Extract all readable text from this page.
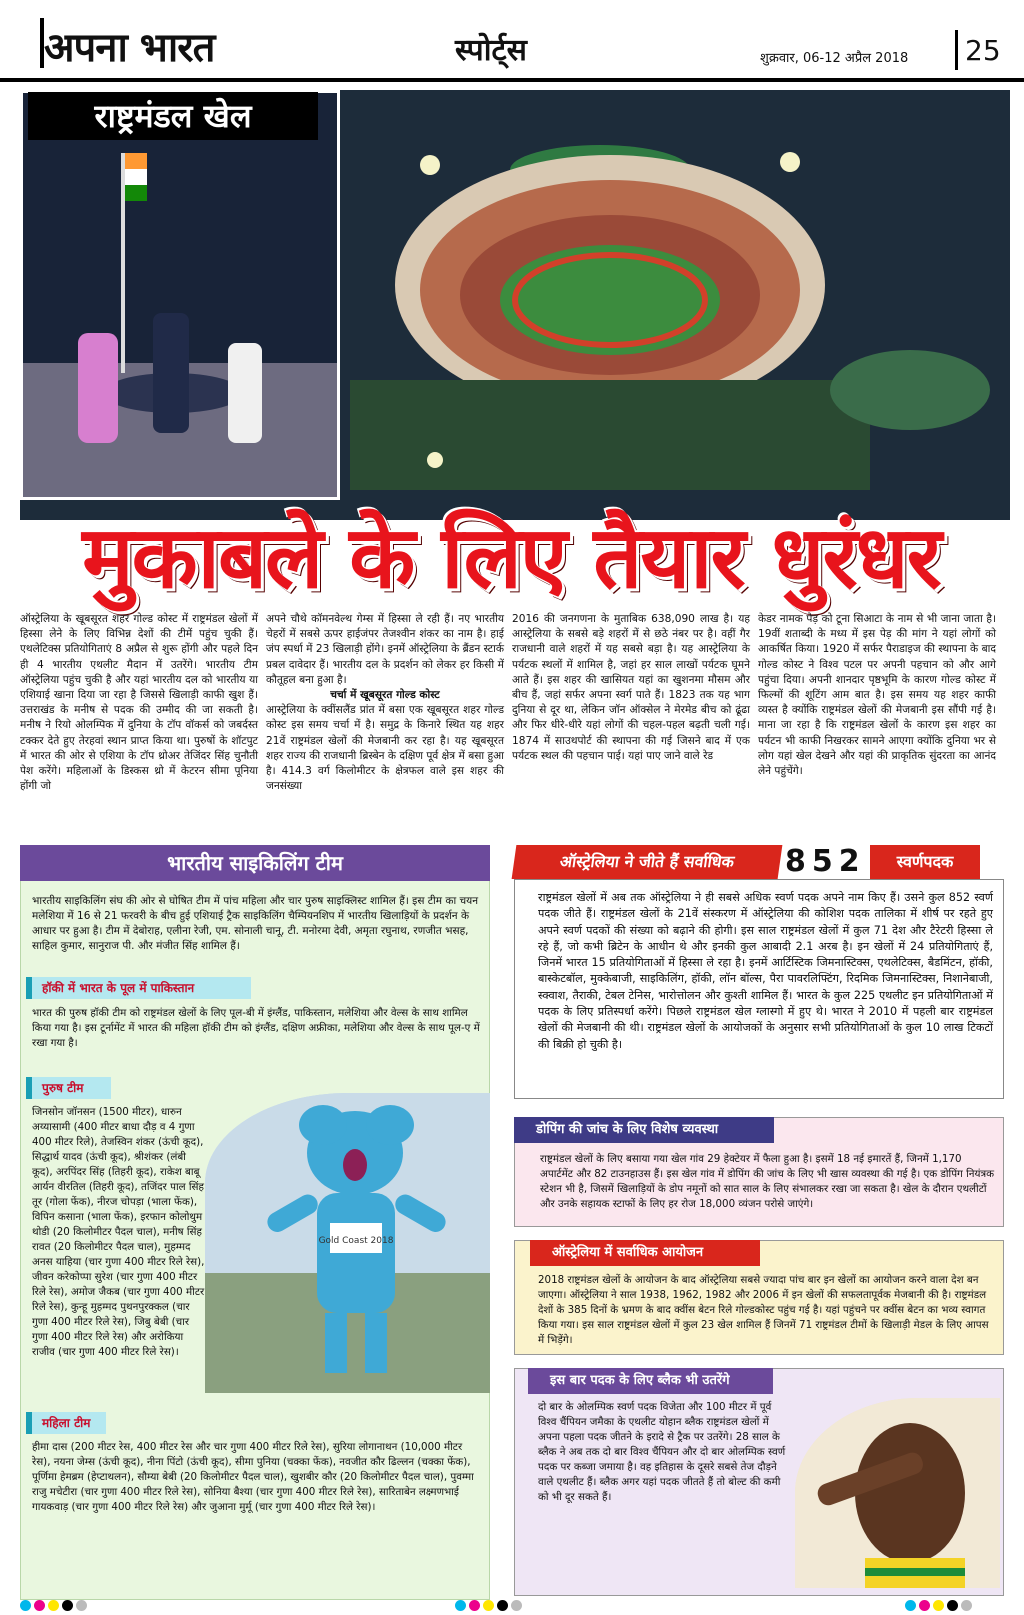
अपना भारत	स्पोर्ट्स	शुक्रवार, 06-12 अप्रैल 2018 25
राष्ट्रमंडल खेल
मुकाबले के लिए तैयार धुरंधर
ऑस्ट्रेलिया के खूबसूरत शहर गोल्ड कोस्ट में राष्ट्रमंडल खेलों में हिस्सा लेने के लिए विभिन्न देशों की टीमें पहुंच चुकी हैं। एथलेटिक्स प्रतियोगिताएं 8 अप्रैल से शुरू होंगी और पहले दिन ही 4 भारतीय एथलीट मैदान में उतरेंगे। भारतीय टीम ऑस्ट्रेलिया पहुंच चुकी है और यहां भारतीय दल को भारतीय या एशियाई खाना दिया जा रहा है जिससे खिलाड़ी काफी खुश हैं। उत्तराखंड के मनीष से पदक की उम्मीद की जा सकती है। मनीष ने रियो ओलम्पिक में दुनिया के टॉप वॉकर्स को जबर्दस्त टक्कर देते हुए तेरहवां स्थान प्राप्त किया था। पुरुषों के शॉटपुट में भारत की ओर से एशिया के टॉप थ्रोअर तेजिंदर सिंह चुनौती पेश करेंगे। महिलाओं के डिस्कस थ्रो में केटरन सीमा पूनिया होंगी जो
अपने चौथे कॉमनवेल्थ गेम्स में हिस्सा ले रही हैं। नए भारतीय चेहरों में सबसे ऊपर हाईजंपर तेजश्वीन शंकर का नाम है। हाई जंप स्पर्धा में 23 खिलाड़ी होंगे। इनमें ऑस्ट्रेलिया के ब्रैंडन स्टार्क प्रबल दावेदार हैं। भारतीय दल के प्रदर्शन को लेकर हर किसी में कौतूहल बना हुआ है।
चर्चा में खूबसूरत गोल्ड कोस्ट
आस्ट्रेलिया के क्वींसलैंड प्रांत में बसा एक खूबसूरत शहर गोल्ड कोस्ट इस समय चर्चा में है। समुद्र के किनारे स्थित यह शहर 21वें राष्ट्रमंडल खेलों की मेजबानी कर रहा है। यह खूबसूरत शहर राज्य की राजधानी ब्रिस्बेन के दक्षिण पूर्व क्षेत्र में बसा हुआ है। 414.3 वर्ग किलोमीटर के क्षेत्रफल वाले इस शहर की जनसंख्या
2016 की जनगणना के मुताबिक 638,090 लाख है। यह आस्ट्रेलिया के सबसे बड़े शहरों में से छठे नंबर पर है। वहीं गैर राजधानी वाले शहरों में यह सबसे बड़ा है। यह आस्ट्रेलिया के पर्यटक स्थलों में शामिल है, जहां हर साल लाखों पर्यटक घूमने आते हैं। इस शहर की खासियत यहां का खुशनमा मौसम और बीच हैं, जहां सर्फर अपना स्वर्ग पाते हैं। 1823 तक यह भाग दुनिया से दूर था, लेकिन जॉन ऑक्सेल ने मेरमेड बीच को ढूंढा और फिर धीरे-धीरे यहां लोगों की चहल-पहल बढ़ती चली गई। 1874 में साउथपोर्ट की स्थापना की गई जिसने बाद में एक पर्यटक स्थल की पहचान पाई। यहां पाए जाने वाले रेड
केडर नामक पेड़ को टूना सिआटा के नाम से भी जाना जाता है। 19वीं शताब्दी के मध्य में इस पेड़ की मांग ने यहां लोगों को आकर्षित किया। 1920 में सर्फर पैराडाइज की स्थापना के बाद गोल्ड कोस्ट ने विश्व पटल पर अपनी पहचान को और आगे पहुंचा दिया। अपनी शानदार पृष्ठभूमि के कारण गोल्ड कोस्ट में फिल्मों की शूटिंग आम बात है। इस समय यह शहर काफी व्यस्त है क्योंकि राष्ट्रमंडल खेलों की मेजबानी इस सौंपी गई है। माना जा रहा है कि राष्ट्रमंडल खेलों के कारण इस शहर का पर्यटन भी काफी निखरकर सामने आएगा क्योंकि दुनिया भर से लोग यहां खेल देखने और यहां की प्राकृतिक सुंदरता का आनंद लेने पहुंचेंगे।
भारतीय साइकिलिंग टीम
भारतीय साइकिलिंग संघ की ओर से घोषित टीम में पांच महिला और चार पुरुष साइक्लिस्ट शामिल हैं। इस टीम का चयन मलेशिया में 16 से 21 फरवरी के बीच हुई एशियाई ट्रैक साइकिलिंग चैम्पियनशिप में भारतीय खिलाड़ियों के प्रदर्शन के आधार पर हुआ है। टीम में देबोराह, एलीना रेजी, एम. सोनाली चानू, टी. मनोरमा देवी, अमृता रघुनाथ, रणजीत भसह, साहिल कुमार, सानुराज पी. और मंजीत सिंह शामिल हैं।
हॉकी में भारत के पूल में पाकिस्तान
भारत की पुरुष हॉकी टीम को राष्ट्रमंडल खेलों के लिए पूल-बी में इंग्लैंड, पाकिस्तान, मलेशिया और वेल्स के साथ शामिल किया गया है। इस टूर्नामेंट में भारत की महिला हॉकी टीम को इंग्लैंड, दक्षिण अफ्रीका, मलेशिया और वेल्स के साथ पूल-ए में रखा गया है।
पुरुष टीम
जिनसोन जॉनसन (1500 मीटर), धारुन अय्यासामी (400 मीटर बाधा दौड़ व 4 गुणा 400 मीटर रिले), तेजस्विन शंकर (ऊंची कूद), सिद्धार्थ यादव (ऊंची कूद), श्रीशंकर (लंबी कूद), अरपिंदर सिंह (तिहरी कूद), राकेश बाबू आर्यन वीरतिल (तिहरी कूद), तजिंदर पाल सिंह तूर (गोला फेंक), नीरज चोपड़ा (भाला फेंक), विपिन कसाना (भाला फेंक), इरफान कोलोथुम थोडी (20 किलोमीटर पैदल चाल), मनीष सिंह रावत (20 किलोमीटर पैदल चाल), मुहम्मद अनस याहिया (चार गुणा 400 मीटर रिले रेस), जीवन करेकोप्पा सुरेश (चार गुणा 400 मीटर रिले रेस), अमोज जैकब (चार गुणा 400 मीटर रिले रेस), कुन्हू मुहम्मद पुथनपुरक्कल (चार गुणा 400 मीटर रिले रेस), जिबु बेबी (चार गुणा 400 मीटर रिले रेस) और अरोकिया राजीव (चार गुणा 400 मीटर रिले रेस)।
Gold Coast 2018
महिला टीम
हीमा दास (200 मीटर रेस, 400 मीटर रेस और चार गुणा 400 मीटर रिले रेस), सुरिया लोगानाथन (10,000 मीटर रेस), नयना जेम्स (ऊंची कूद), नीना पिंटो (ऊंची कूद), सीमा पुनिया (चक्का फेंक), नवजीत कौर ढिल्लन (चक्का फेंक), पूर्णिमा हेमब्रम (हेप्टाथलन), सौम्या बेबी (20 किलोमीटर पैदल चाल), खुशबीर कौर (20 किलोमीटर पैदल चाल), पुवम्मा राजु मचेटीरा (चार गुणा 400 मीटर रिले रेस), सोनिया बैश्या (चार गुणा 400 मीटर रिले रेस), सारिताबेन लक्ष्मणभाई गायकवाड़ (चार गुणा 400 मीटर रिले रेस) और जुआना मुर्मू (चार गुणा 400 मीटर रिले रेस)।
ऑस्ट्रेलिया ने जीते हैं सर्वाधिक	852	स्वर्णपदक
राष्ट्रमंडल खेलों में अब तक ऑस्ट्रेलिया ने ही सबसे अधिक स्वर्ण पदक अपने नाम किए हैं। उसने कुल 852 स्वर्ण पदक जीते हैं। राष्ट्रमंडल खेलों के 21वें संस्करण में ऑस्ट्रेलिया की कोशिश पदक तालिका में शीर्ष पर रहते हुए अपने स्वर्ण पदकों की संख्या को बढ़ाने की होगी। इस साल राष्ट्रमंडल खेलों में कुल 71 देश और टैरेटरी हिस्सा ले रहे हैं, जो कभी ब्रिटेन के आधीन थे और इनकी कुल आबादी 2.1 अरब है। इन खेलों में 24 प्रतियोगिताएं हैं, जिनमें भारत 15 प्रतियोगिताओं में हिस्सा ले रहा है। इनमें आर्टिस्टिक जिमनास्टिक्स, एथलेटिक्स, बैडमिंटन, हॉकी, बास्केटबॉल, मुक्केबाजी, साइकिलिंग, हॉकी, लॉन बॉल्स, पैरा पावरलिफ्टिंग, रिदमिक जिमनास्टिक्स, निशानेबाजी, स्क्वाश, तैराकी, टेबल टेनिस, भारोत्तोलन और कुश्ती शामिल हैं। भारत के कुल 225 एथलीट इन प्रतियोगिताओं में पदक के लिए प्रतिस्पर्धा करेंगे। पिछले राष्ट्रमंडल खेल ग्लास्गो में हुए थे। भारत ने 2010 में पहली बार राष्ट्रमंडल खेलों की मेजबानी की थी। राष्ट्रमंडल खेलों के आयोजकों के अनुसार सभी प्रतियोगिताओं के कुल 10 लाख टिकटों की बिक्री हो चुकी है।
डोपिंग की जांच के लिए विशेष व्यवस्था
राष्ट्रमंडल खेलों के लिए बसाया गया खेल गांव 29 हेक्टेयर में फैला हुआ है। इसमें 18 नई इमारतें हैं, जिनमें 1,170 अपार्टमेंट और 82 टाउनहाउस हैं। इस खेल गांव में डोपिंग की जांच के लिए भी खास व्यवस्था की गई है। एक डोपिंग नियंत्रक स्टेशन भी है, जिसमें खिलाड़ियों के डोप नमूनों को सात साल के लिए संभालकर रखा जा सकता है। खेल के दौरान एथलीटों और उनके सहायक स्टाफों के लिए हर रोज 18,000 व्यंजन परोसे जाएंगे।
ऑस्ट्रेलिया में सर्वाधिक आयोजन
2018 राष्ट्रमंडल खेलों के आयोजन के बाद ऑस्ट्रेलिया सबसे ज्यादा पांच बार इन खेलों का आयोजन करने वाला देश बन जाएगा। ऑस्ट्रेलिया ने साल 1938, 1962, 1982 और 2006 में इन खेलों की सफलतापूर्वक मेजबानी की है। राष्ट्रमंडल देशों के 385 दिनों के भ्रमण के बाद क्वींस बेटन रिले गोल्डकोस्ट पहुंच गई है। यहां पहुंचने पर क्वींस बेटन का भव्य स्वागत किया गया। इस साल राष्ट्रमंडल खेलों में कुल 23 खेल शामिल हैं जिनमें 71 राष्ट्रमंडल टीमों के खिलाड़ी मेडल के लिए आपस में भिड़ेंगे।
इस बार पदक के लिए ब्लैक भी उतरेंगे
दो बार के ओलम्पिक स्वर्ण पदक विजेता और 100 मीटर में पूर्व विश्व चैंपियन जमैका के एथलीट योहान ब्लैक राष्ट्रमंडल खेलों में अपना पहला पदक जीतने के इरादे से ट्रैक पर उतरेंगे। 28 साल के ब्लैक ने अब तक दो बार विश्व चैंपियन और दो बार ओलम्पिक स्वर्ण पदक पर कब्जा जमाया है। वह इतिहास के दूसरे सबसे तेज दौड़ने वाले एथलीट हैं। ब्लैक अगर यहां पदक जीतते हैं तो बोल्ट की कमी को भी दूर सकते हैं।
